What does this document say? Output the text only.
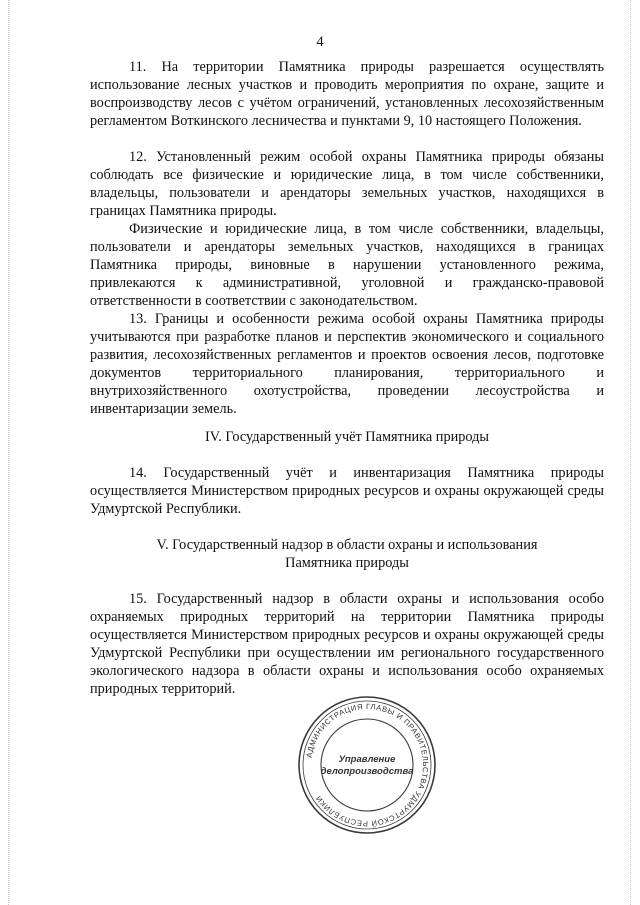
4

11. На территории Памятника природы разрешается осуществлять использование лесных участков и проводить мероприятия по охране, защите и воспроизводству лесов с учётом ограничений, установленных лесохозяйственным регламентом Воткинского лесничества и пунктами 9, 10 настоящего Положения.

12. Установленный режим особой охраны Памятника природы обязаны соблюдать все физические и юридические лица, в том числе собственники, владельцы, пользователи и арендаторы земельных участков, находящихся в границах Памятника природы.

Физические и юридические лица, в том числе собственники, владельцы, пользователи и арендаторы земельных участков, находящихся в границах Памятника природы, виновные в нарушении установленного режима, привлекаются к административной, уголовной и гражданско-правовой ответственности в соответствии с законодательством.

13. Границы и особенности режима особой охраны Памятника природы учитываются при разработке планов и перспектив экономического и социального развития, лесохозяйственных регламентов и проектов освоения лесов, подготовке документов территориального планирования, территориального и внутрихозяйственного охотустройства, проведении лесоустройства и инвентаризации земель.

IV. Государственный учёт Памятника природы

14. Государственный учёт и инвентаризация Памятника природы осуществляется Министерством природных ресурсов и охраны окружающей среды Удмуртской Республики.

V. Государственный надзор в области охраны и использования

Памятника природы

15. Государственный надзор в области охраны и использования особо охраняемых природных территорий на территории Памятника природы осуществляется Министерством природных ресурсов и охраны окружающей среды Удмуртской Республики при осуществлении им регионального государственного экологического надзора в области охраны и использования особо охраняемых природных территорий.

АДМИНИСТРАЦИЯ ГЛАВЫ И ПРАВИТЕЛЬСТВА УДМУРТСКОЙ РЕСПУБЛИКИ
Управление
делопроизводства
